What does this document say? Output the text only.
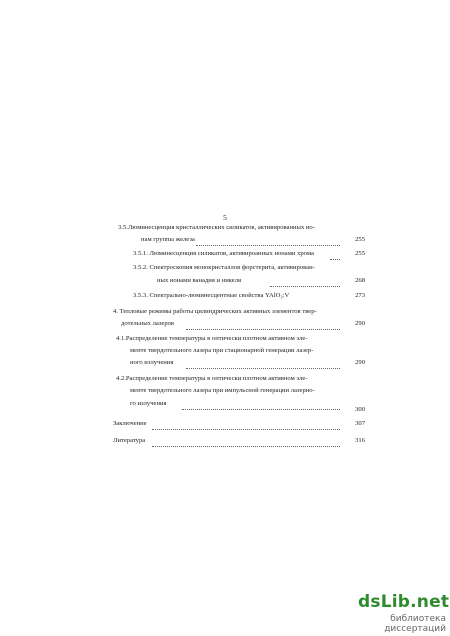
5
3.5.Люминесценция кристаллических силикатов, активированных ио-
нам группы железа	255
3.5.1. Люминесценция силикатов, активироанных ионами хрома	255
3.5.2. Спектроскопия монокристаллов форстерита, активирован-
ных ионами ванадия и никеля	268
3.5.3. Спектрально-люминесцентные свойства YAlO₃:V	273
4. Тепловые режимы работы цилиндрических активных элементов твер-
дотельных лазеров	290
4.1.Распределение температуры в оптически плотном активном эле-
менте твердотельного лазера при стационарной генерации лазер-
ного излучения	290
4.2.Распределение температуры в оптически плотном активном эле-
менте твердотельного лазера при импульсной генерации лазерно-
го излучения
300
Заключение	307
Литература	316
dsLib.net
библиотека диссертаций
